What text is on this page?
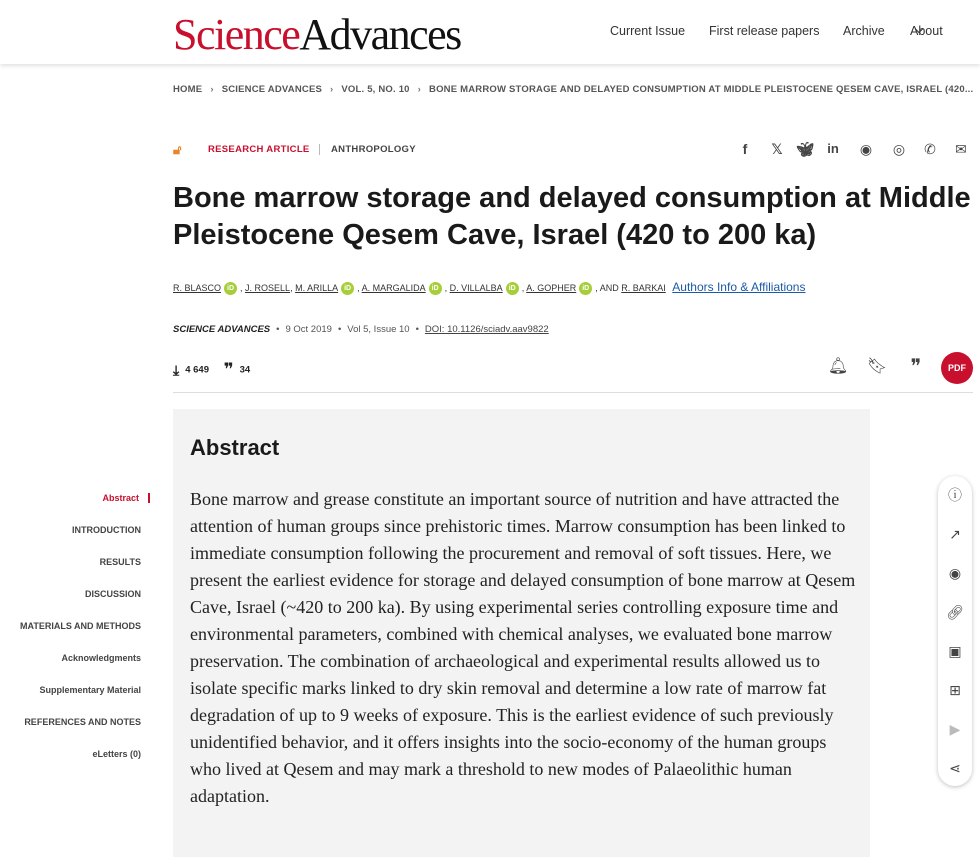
ScienceAdvances	Current Issue First release papers Archive About
HOME › SCIENCE ADVANCES › VOL. 5, NO. 10 › BONE MARROW STORAGE AND DELAYED CONSUMPTION AT MIDDLE PLEISTOCENE QESEM CAVE, ISRAEL (420...
🔓︎	RESEARCH ARTICLE ANTHROPOLOGY	f	𝕏 🦋︎	in	◉ ◎ ✆ ✉
Bone marrow storage and delayed consumption at Middle Pleistocene Qesem Cave, Israel (420 to 200 ka)
R. BLASCO iD , J. ROSELL, M. ARILLA iD , A. MARGALIDA iD , D. VILLALBA iD , A. GOPHER iD , AND R. BARKAI Authors Info & Affiliations
SCIENCE ADVANCES • 9 Oct 2019 • Vol 5, Issue 10 • DOI: 10.1126/sciadv.aav9822
⤓ 4 649 ❞ 34	🔔︎ 🔖︎ ❞	PDF
Abstract
INTRODUCTION
RESULTS
DISCUSSION
MATERIALS AND METHODS
Acknowledgments
Supplementary Material
REFERENCES AND NOTES
eLetters (0)
Abstract

Bone marrow and grease constitute an important source of nutrition and have attracted the attention of human groups since prehistoric times. Marrow consumption has been linked to immediate consumption following the procurement and removal of soft tissues. Here, we present the earliest evidence for storage and delayed consumption of bone marrow at Qesem Cave, Israel (~420 to 200 ka). By using experimental series controlling exposure time and environmental parameters, combined with chemical analyses, we evaluated bone marrow preservation. The combination of archaeological and experimental results allowed us to isolate specific marks linked to dry skin removal and determine a low rate of marrow fat degradation of up to 9 weeks of exposure. This is the earliest evidence of such previously unidentified behavior, and it offers insights into the socio-economy of the human groups who lived at Qesem and may mark a threshold to new modes of Palaeolithic human adaptation.

ⓘ
↗
◉
🔗︎
▣
⊞
▶
⋖
